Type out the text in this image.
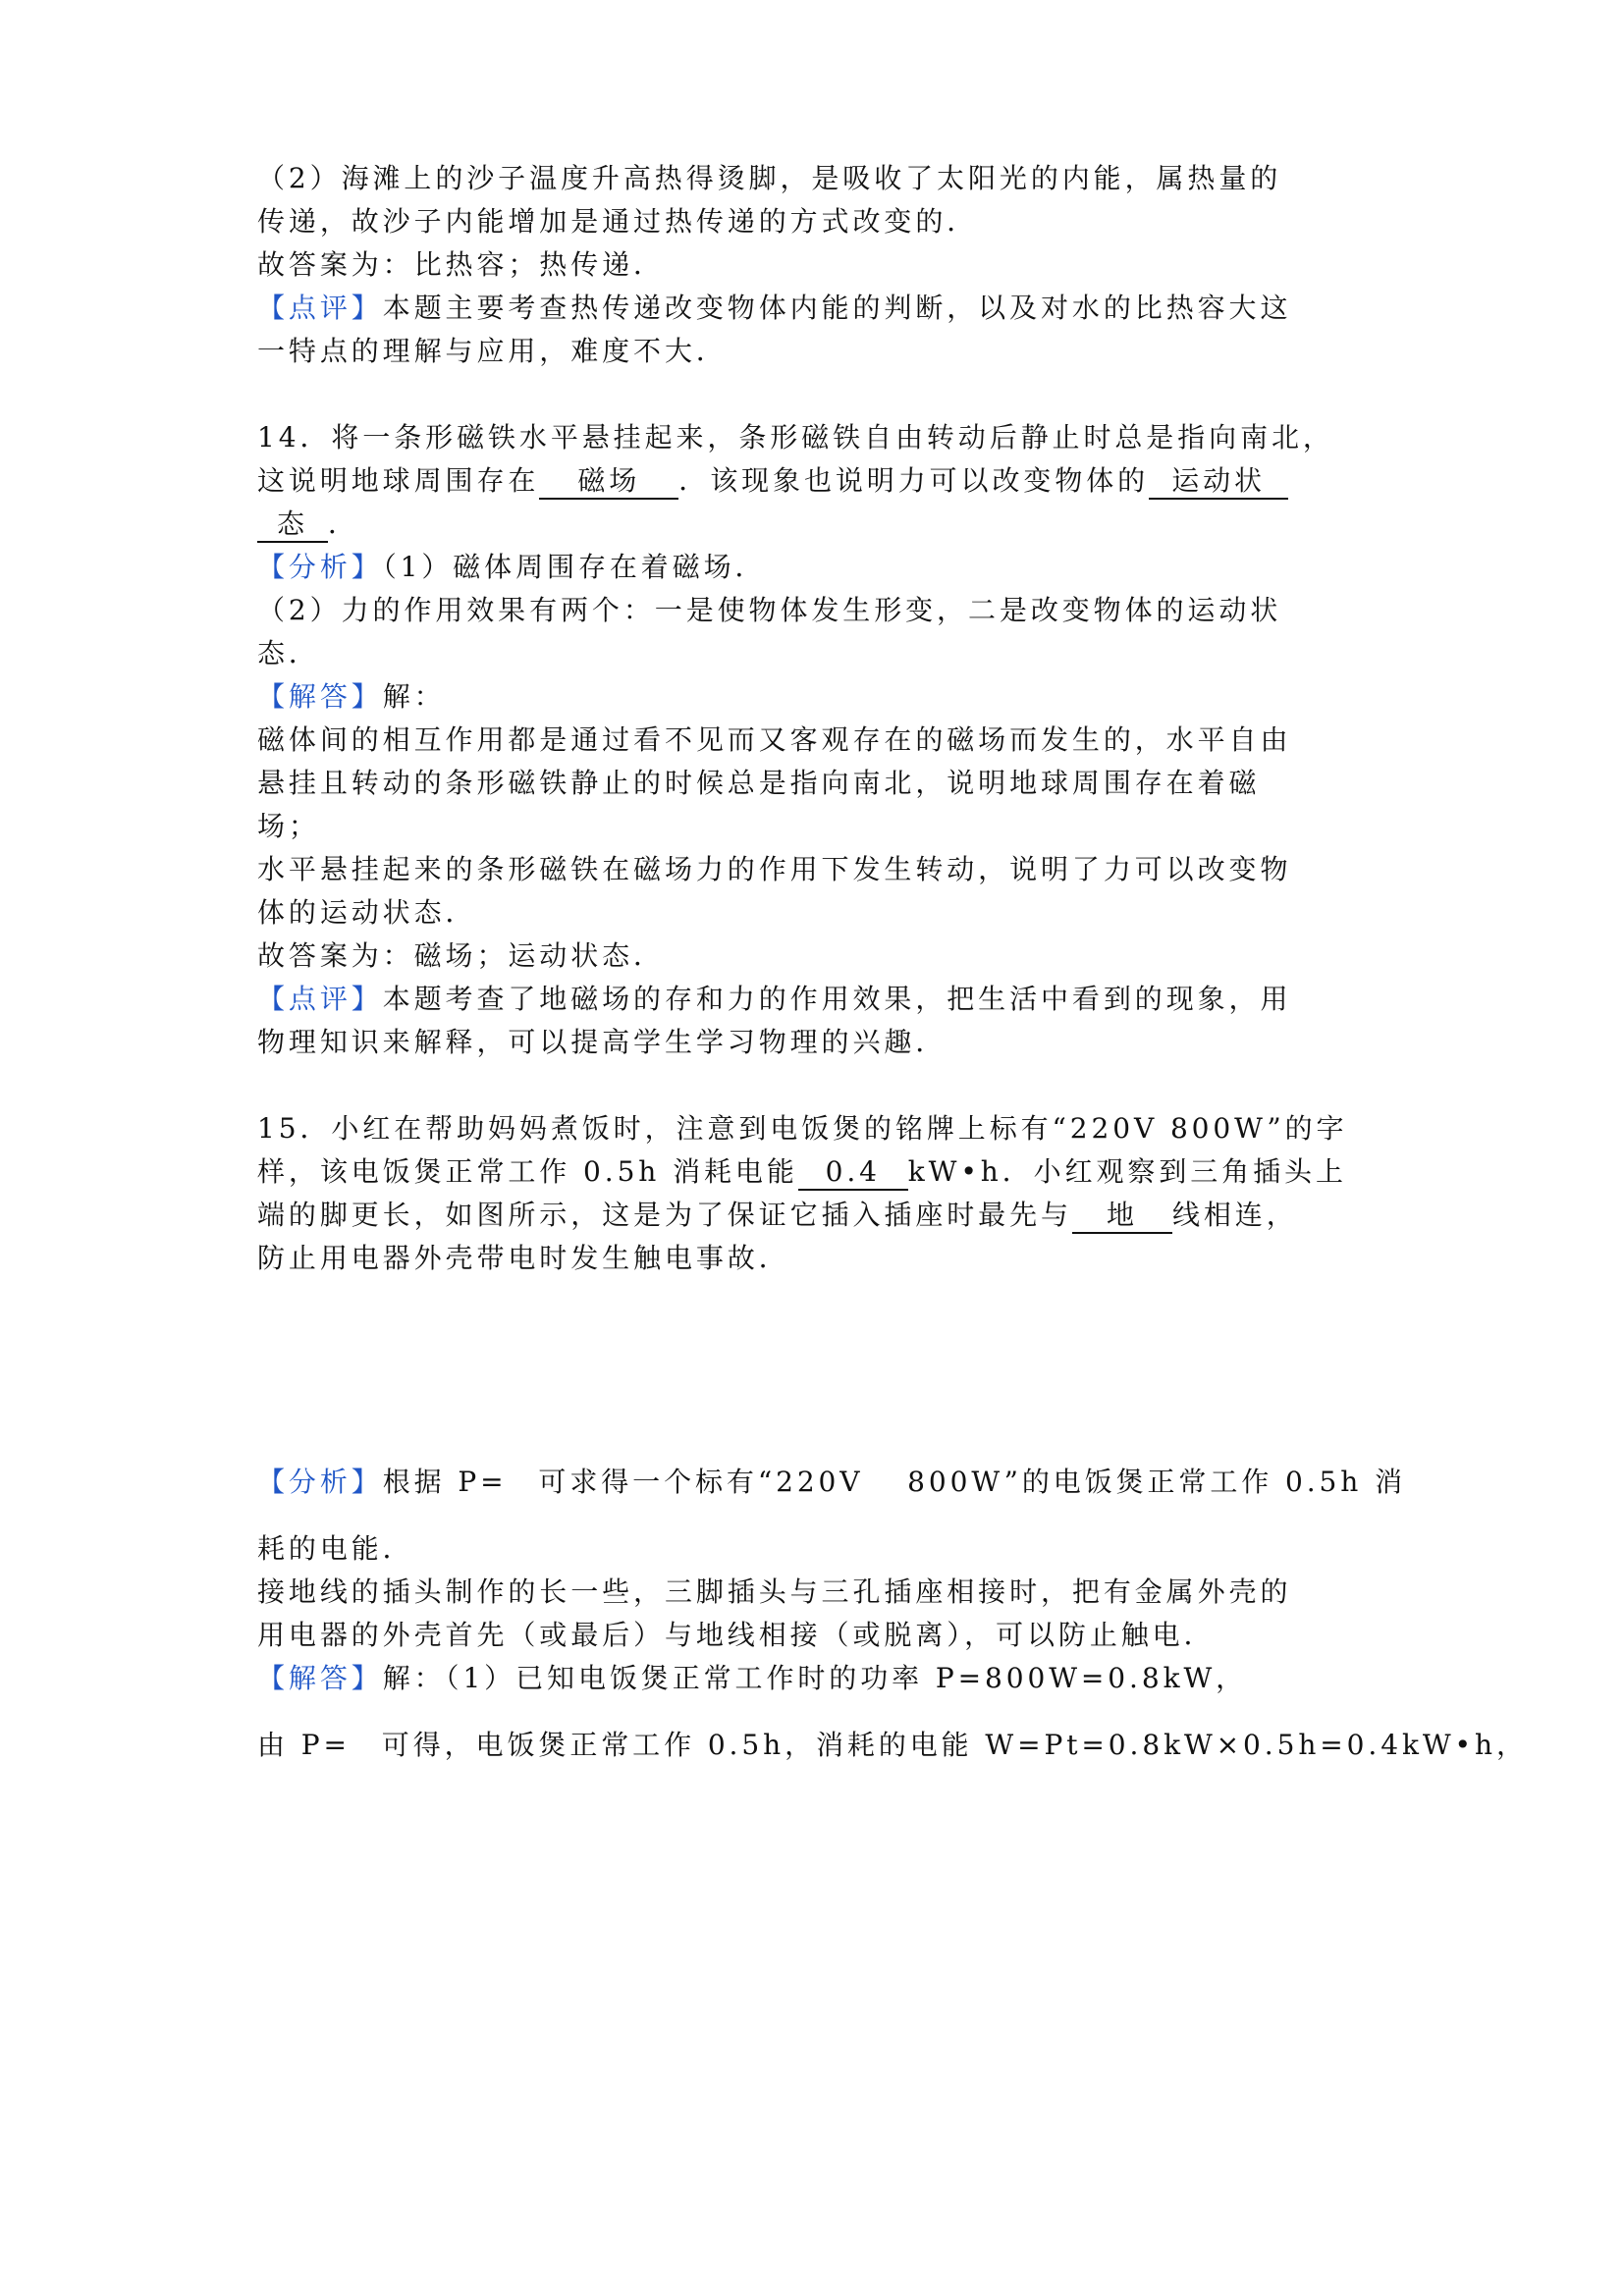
（2）海滩上的沙子温度升高热得烫脚，是吸收了太阳光的内能，属热量的
传递，故沙子内能增加是通过热传递的方式改变的．
故答案为：比热容；热传递．
【点评】本题主要考查热传递改变物体内能的判断，以及对水的比热容大这
一特点的理解与应用，难度不大．
14．将一条形磁铁水平悬挂起来，条形磁铁自由转动后静止时总是指向南北，
这说明地球周围存在 磁场 ．该现象也说明力可以改变物体的 运动状
态 ．
【分析】（1）磁体周围存在着磁场．
（2）力的作用效果有两个：一是使物体发生形变，二是改变物体的运动状
态．
【解答】解：
磁体间的相互作用都是通过看不见而又客观存在的磁场而发生的，水平自由
悬挂且转动的条形磁铁静止的时候总是指向南北，说明地球周围存在着磁
场；
水平悬挂起来的条形磁铁在磁场力的作用下发生转动，说明了力可以改变物
体的运动状态．
故答案为：磁场；运动状态．
【点评】本题考查了地磁场的存和力的作用效果，把生活中看到的现象，用
物理知识来解释，可以提高学生学习物理的兴趣．
15．小红在帮助妈妈煮饭时，注意到电饭煲的铭牌上标有“220V 800W”的字
样，该电饭煲正常工作 0.5h 消耗电能 0.4 kW•h．小红观察到三角插头上
端的脚更长，如图所示，这是为了保证它插入插座时最先与 地 线相连，
防止用电器外壳带电时发生触电事故．
【分析】根据 P=　可求得一个标有“220V　 800W”的电饭煲正常工作 0.5h 消
耗的电能．
接地线的插头制作的长一些，三脚插头与三孔插座相接时，把有金属外壳的
用电器的外壳首先（或最后）与地线相接（或脱离），可以防止触电．
【解答】解：（1）已知电饭煲正常工作时的功率 P=800W=0.8kW，
由 P=　可得，电饭煲正常工作 0.5h，消耗的电能 W=Pt=0.8kW×0.5h=0.4kW•h，
